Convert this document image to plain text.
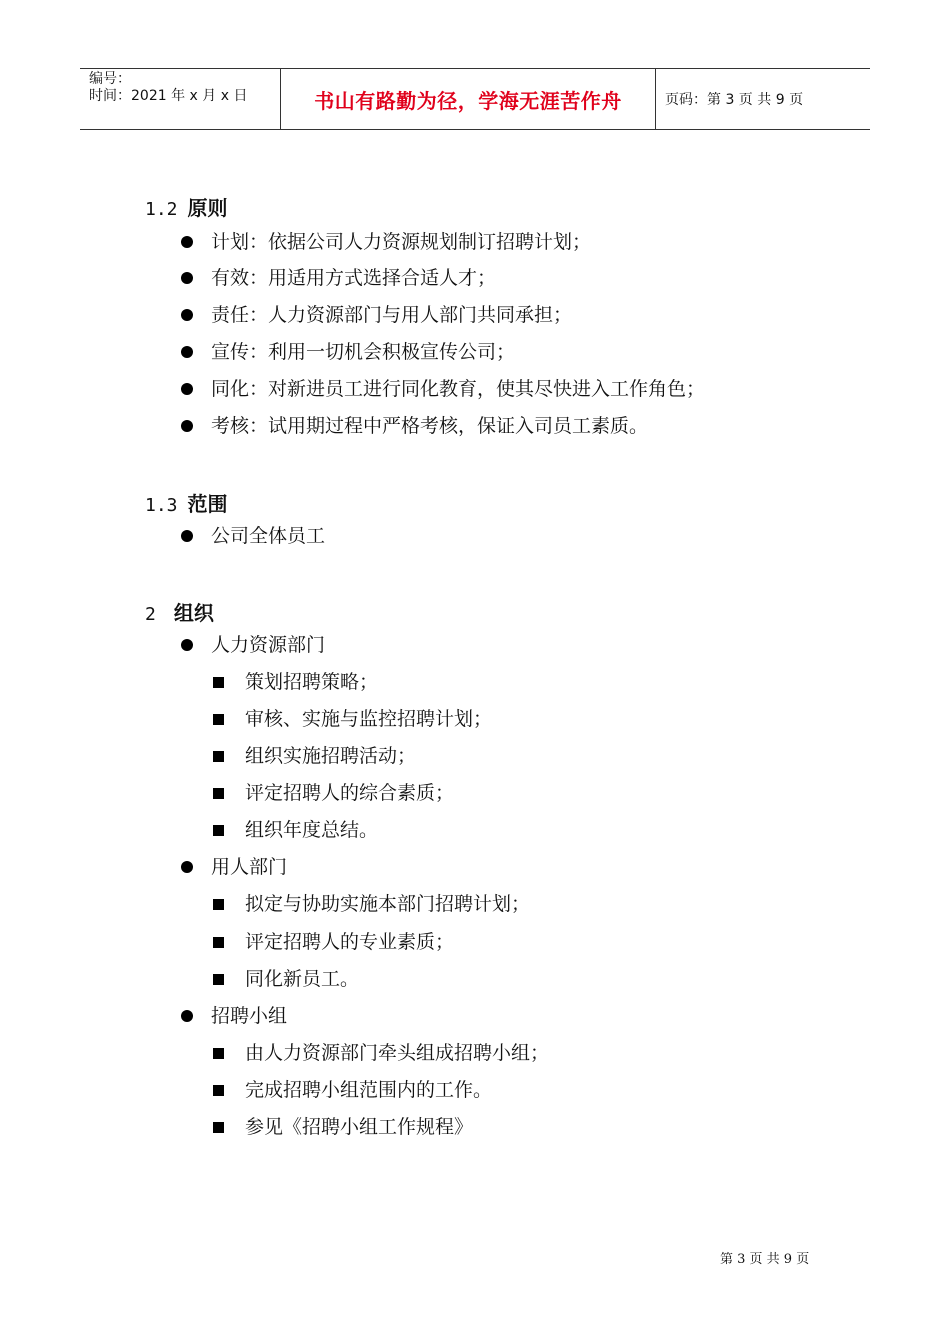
编号：
时间：2021 年 x 月 x 日	书山有路勤为径，学海无涯苦作舟	页码：第 3 页 共 9 页
1.2 原则
计划：依据公司人力资源规划制订招聘计划；
有效：用适用方式选择合适人才；
责任：人力资源部门与用人部门共同承担；
宣传：利用一切机会积极宣传公司；
同化：对新进员工进行同化教育，使其尽快进入工作角色；
考核：试用期过程中严格考核，保证入司员工素质。
1.3 范围
公司全体员工
2 组织
人力资源部门
策划招聘策略；
审核、实施与监控招聘计划；
组织实施招聘活动；
评定招聘人的综合素质；
组织年度总结。
用人部门
拟定与协助实施本部门招聘计划；
评定招聘人的专业素质；
同化新员工。
招聘小组
由人力资源部门牵头组成招聘小组；
完成招聘小组范围内的工作。
参见《招聘小组工作规程》
第 3 页 共 9 页
